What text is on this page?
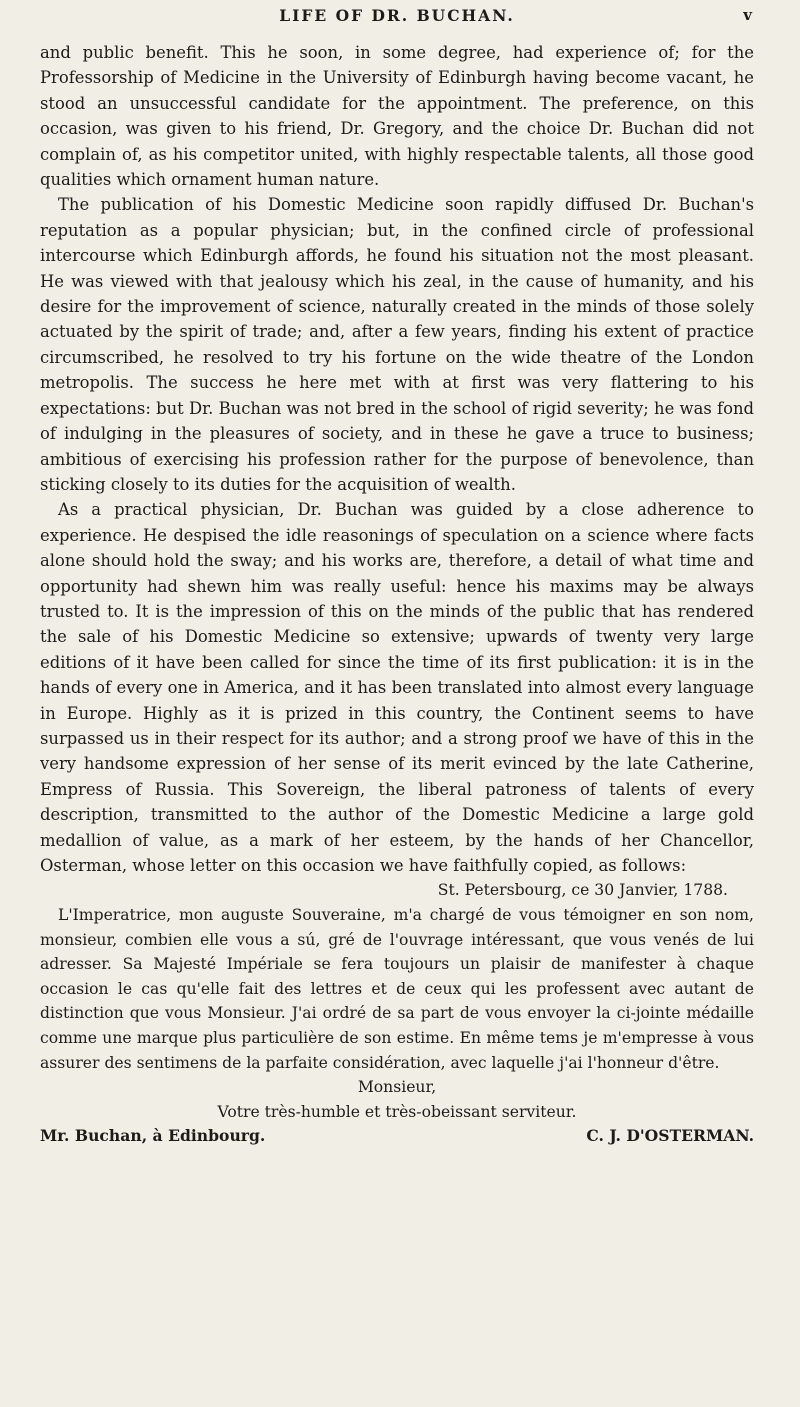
LIFE OF DR. BUCHAN.	v

and public benefit. This he soon, in some degree, had experience of; for the Professorship of Medicine in the University of Edinburgh having become vacant, he stood an unsuccessful candidate for the appointment. The preference, on this occasion, was given to his friend, Dr. Gregory, and the choice Dr. Buchan did not complain of, as his competitor united, with highly respectable talents, all those good qualities which ornament human nature.

The publication of his Domestic Medicine soon rapidly diffused Dr. Buchan's reputation as a popular physician; but, in the confined circle of professional intercourse which Edinburgh affords, he found his situation not the most pleasant. He was viewed with that jealousy which his zeal, in the cause of humanity, and his desire for the improvement of science, naturally created in the minds of those solely actuated by the spirit of trade; and, after a few years, finding his extent of practice circumscribed, he resolved to try his fortune on the wide theatre of the London metropolis. The success he here met with at first was very flattering to his expectations: but Dr. Buchan was not bred in the school of rigid severity; he was fond of indulging in the pleasures of society, and in these he gave a truce to business; ambitious of exercising his profession rather for the purpose of benevolence, than sticking closely to its duties for the acquisition of wealth.

As a practical physician, Dr. Buchan was guided by a close adherence to experience. He despised the idle reasonings of speculation on a science where facts alone should hold the sway; and his works are, therefore, a detail of what time and opportunity had shewn him was really useful: hence his maxims may be always trusted to. It is the impression of this on the minds of the public that has rendered the sale of his Domestic Medicine so extensive; upwards of twenty very large editions of it have been called for since the time of its first publication: it is in the hands of every one in America, and it has been translated into almost every language in Europe. Highly as it is prized in this country, the Continent seems to have surpassed us in their respect for its author; and a strong proof we have of this in the very handsome expression of her sense of its merit evinced by the late Catherine, Empress of Russia. This Sovereign, the liberal patroness of talents of every description, transmitted to the author of the Domestic Medicine a large gold medallion of value, as a mark of her esteem, by the hands of her Chancellor, Osterman, whose letter on this occasion we have faithfully copied, as follows:

St. Petersbourg, ce 30 Janvier, 1788.

L'Imperatrice, mon auguste Souveraine, m'a chargé de vous témoigner en son nom, monsieur, combien elle vous a sú, gré de l'ouvrage intéressant, que vous venés de lui adresser. Sa Majesté Impériale se fera toujours un plaisir de manifester à chaque occasion le cas qu'elle fait des lettres et de ceux qui les professent avec autant de distinction que vous Monsieur. J'ai ordré de sa part de vous envoyer la ci-jointe médaille comme une marque plus particulière de son estime. En même tems je m'empresse à vous assurer des sentimens de la parfaite considération, avec laquelle j'ai l'honneur d'être.

Monsieur,

Votre très-humble et très-obeissant serviteur.

Mr. Buchan, à Edinbourg.	C. J. D'OSTERMAN.
